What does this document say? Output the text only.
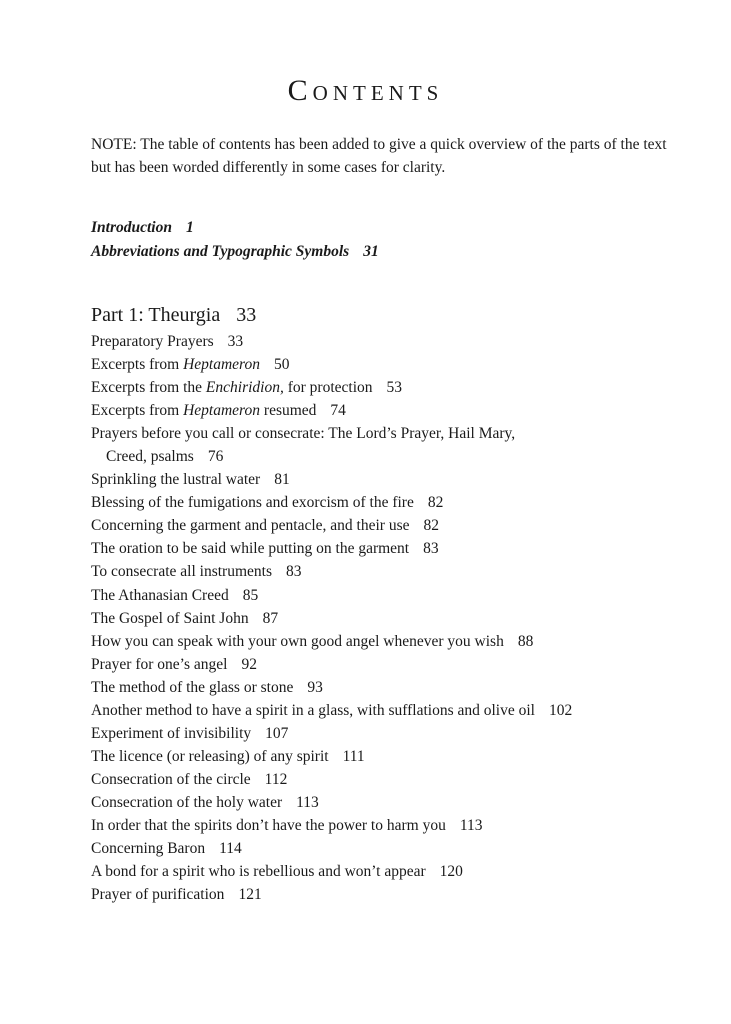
Contents

NOTE: The table of contents has been added to give a quick overview of the parts of the text but has been worded differently in some cases for clarity.

Introduction 1
Abbreviations and Typographic Symbols 31
Part 1: Theurgia 33
Preparatory Prayers 33
Excerpts from Heptameron 50
Excerpts from the Enchiridion, for protection 53
Excerpts from Heptameron resumed 74
Prayers before you call or consecrate: The Lord’s Prayer, Hail Mary,
Creed, psalms 76
Sprinkling the lustral water 81
Blessing of the fumigations and exorcism of the fire 82
Concerning the garment and pentacle, and their use 82
The oration to be said while putting on the garment 83
To consecrate all instruments 83
The Athanasian Creed 85
The Gospel of Saint John 87
How you can speak with your own good angel whenever you wish 88
Prayer for one’s angel 92
The method of the glass or stone 93
Another method to have a spirit in a glass, with sufflations and olive oil 102
Experiment of invisibility 107
The licence (or releasing) of any spirit 111
Consecration of the circle 112
Consecration of the holy water 113
In order that the spirits don’t have the power to harm you 113
Concerning Baron 114
A bond for a spirit who is rebellious and won’t appear 120
Prayer of purification 121
